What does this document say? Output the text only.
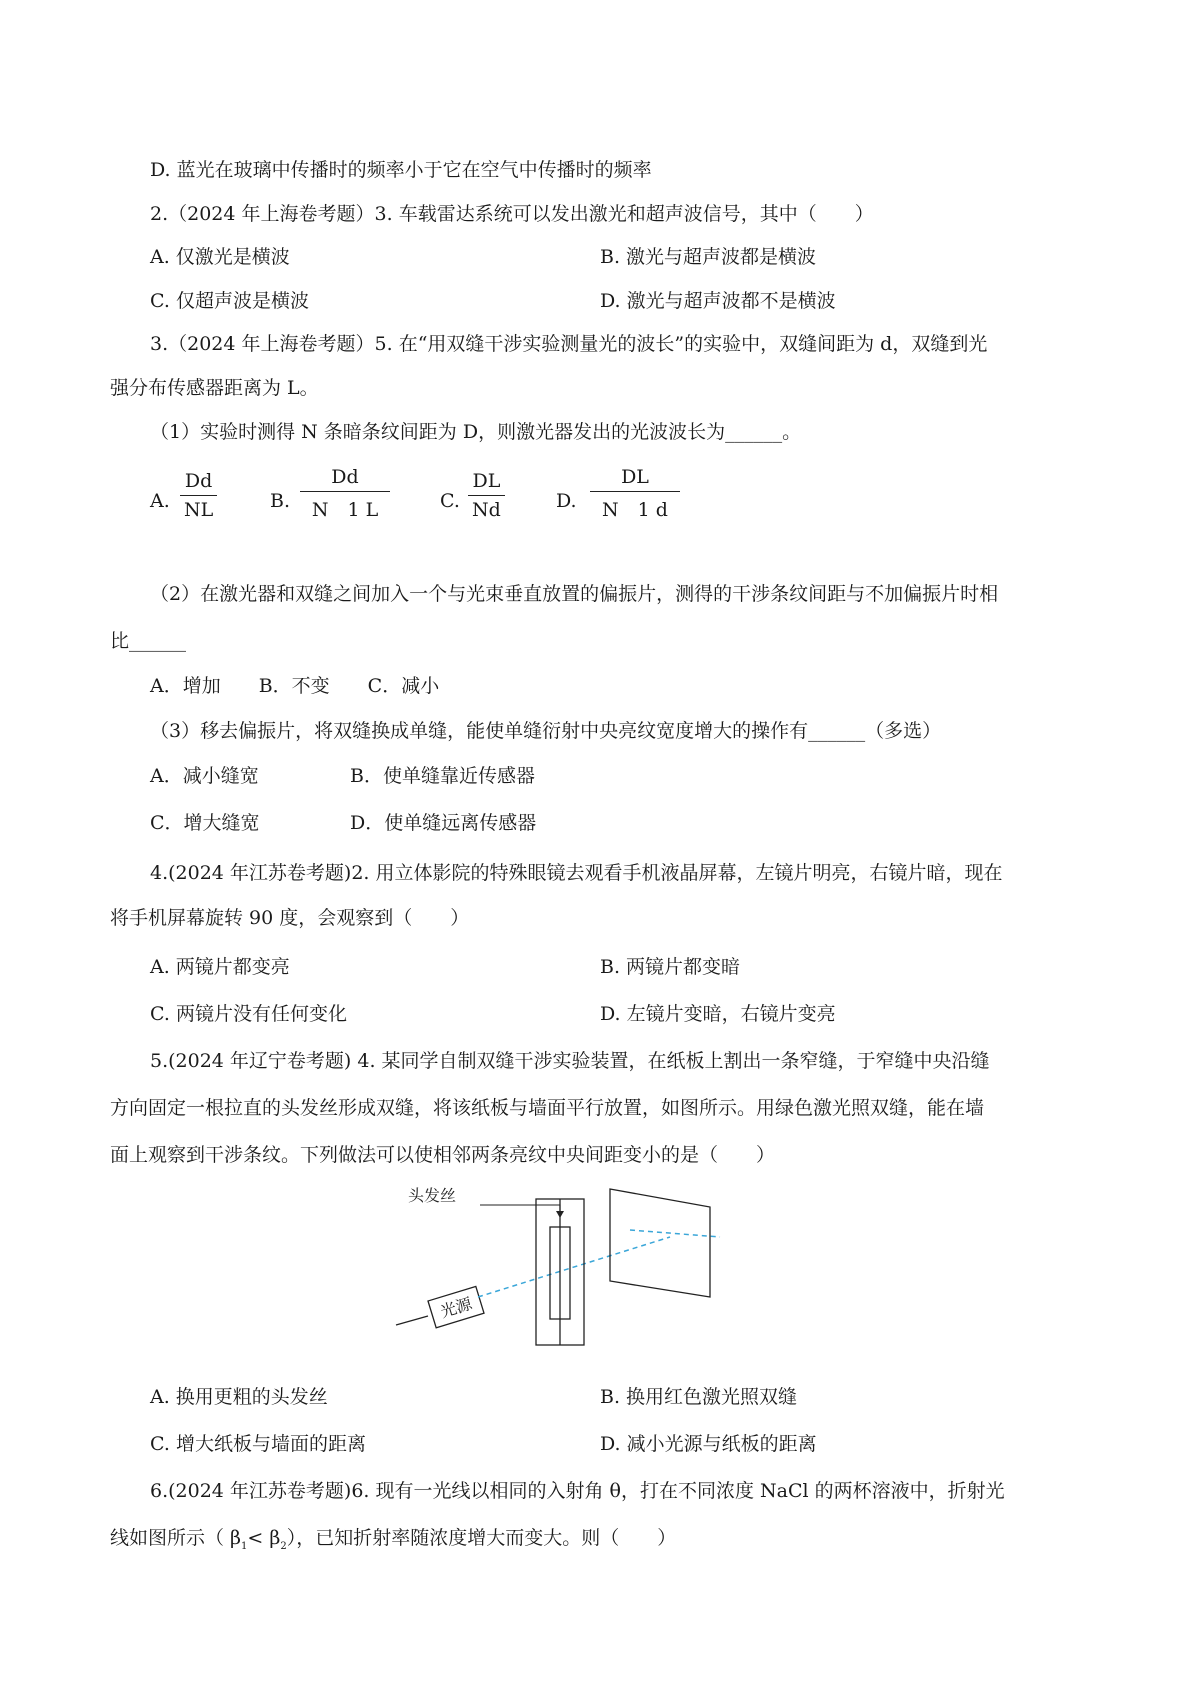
D. 蓝光在玻璃中传播时的频率小于它在空气中传播时的频率
2.（2024 年上海卷考题）3. 车载雷达系统可以发出激光和超声波信号，其中（　　）
A. 仅激光是横波	B. 激光与超声波都是横波
C. 仅超声波是横波	D. 激光与超声波都不是横波
3.（2024 年上海卷考题）5. 在“用双缝干涉实验测量光的波长”的实验中，双缝间距为 d，双缝到光
强分布传感器距离为 L。
（1）实验时测得 N 条暗条纹间距为 D，则激光器发出的光波波长为______。
A.
Dd
NL	B.
Dd
N　1 L	C.
DL
Nd	D.
DL
N　1 d
（2）在激光器和双缝之间加入一个与光束垂直放置的偏振片，测得的干涉条纹间距与不加偏振片时相
比______
A．增加　　B．不变　　C．减小
（3）移去偏振片，将双缝换成单缝，能使单缝衍射中央亮纹宽度增大的操作有______（多选）
A．减小缝宽	B．使单缝靠近传感器
C．增大缝宽	D．使单缝远离传感器
4.(2024 年江苏卷考题)2. 用立体影院的特殊眼镜去观看手机液晶屏幕，左镜片明亮，右镜片暗，现在
将手机屏幕旋转 90 度，会观察到（　　）
A. 两镜片都变亮	B. 两镜片都变暗
C. 两镜片没有任何变化	D. 左镜片变暗，右镜片变亮
5.(2024 年辽宁卷考题) 4. 某同学自制双缝干涉实验装置，在纸板上割出一条窄缝，于窄缝中央沿缝
方向固定一根拉直的头发丝形成双缝，将该纸板与墙面平行放置，如图所示。用绿色激光照双缝，能在墙
面上观察到干涉条纹。下列做法可以使相邻两条亮纹中央间距变小的是（　　）
光源
头发丝
A. 换用更粗的头发丝	B. 换用红色激光照双缝
C. 增大纸板与墙面的距离	D. 减小光源与纸板的距离
6.(2024 年江苏卷考题)6. 现有一光线以相同的入射角 θ，打在不同浓度 NaCl 的两杯溶液中，折射光
线如图所示（ $\beta_1< \beta_2$），已知折射率随浓度增大而变大。则（　　）
